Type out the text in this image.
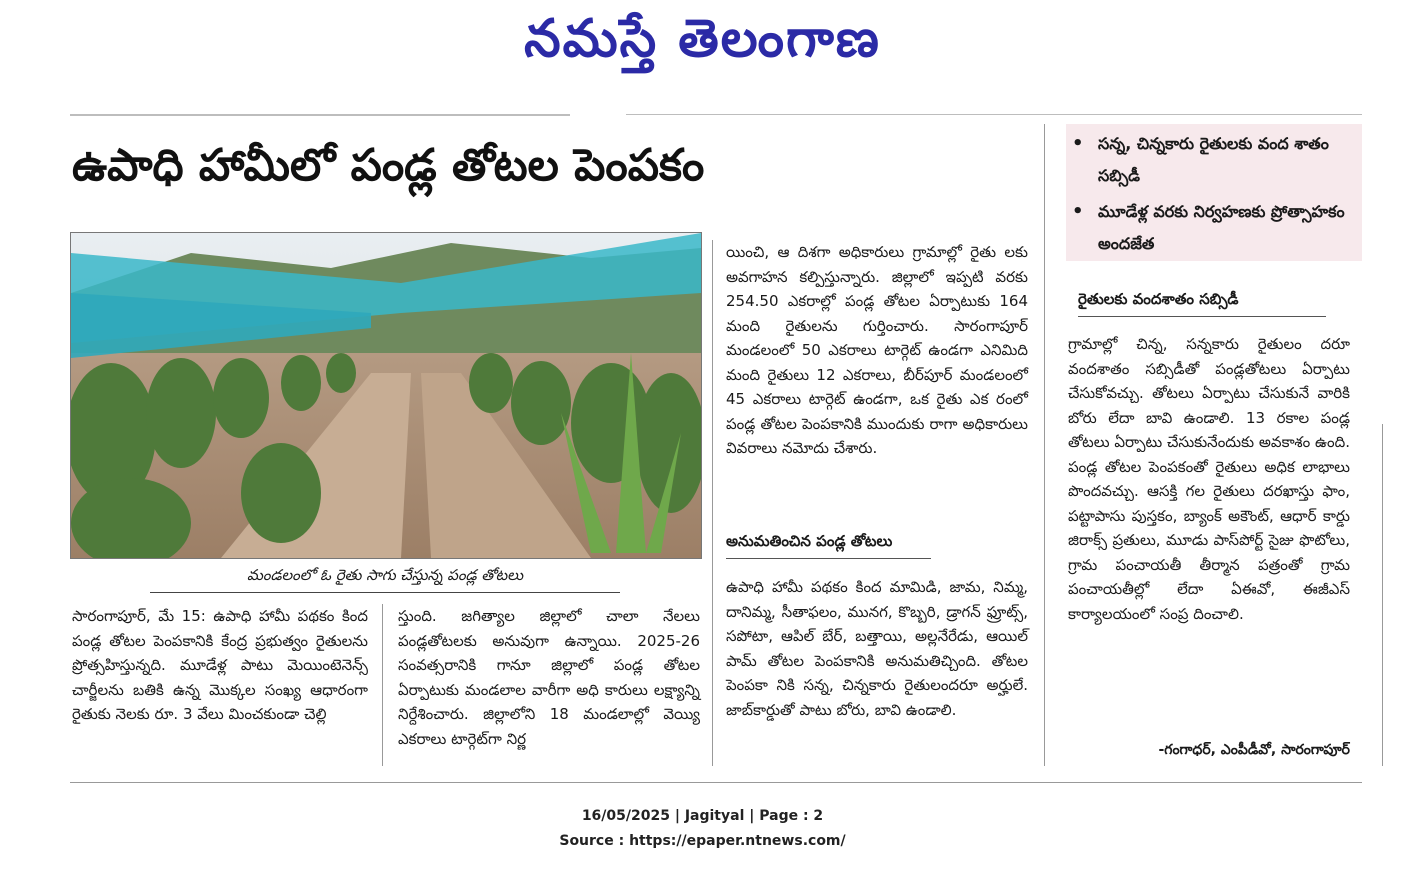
నమస్తే తెలంగాణ
ఉపాధి హామీలో పండ్ల తోటల పెంపకం
మండలంలో ఓ రైతు సాగు చేస్తున్న పండ్ల తోటలు
• సన్న, చిన్నకారు రైతులకు వంద శాతం సబ్సిడీ
• మూడేళ్ల వరకు నిర్వహణకు ప్రోత్సాహకం అందజేత
సారంగాపూర్, మే 15: ఉపాధి హామీ పథకం కింద పండ్ల తోటల పెంపకానికి కేంద్ర ప్రభుత్వం రైతులను ప్రోత్సహిస్తున్నది. మూడేళ్ల పాటు మెయింటెనెన్స్ చార్జీలను బతికి ఉన్న మొక్కల సంఖ్య ఆధారంగా రైతుకు నెలకు రూ. 3 వేలు మించకుండా చెల్లి
స్తుంది. జగిత్యాల జిల్లాలో చాలా నేలలు పండ్లతోటలకు అనువుగా ఉన్నాయి. 2025-26 సంవత్సరానికి గానూ జిల్లాలో పండ్ల తోటల ఏర్పాటుకు మండలాల వారీగా అధి కారులు లక్ష్యాన్ని నిర్దేశించారు. జిల్లాలోని 18 మండలాల్లో వెయ్యి ఎకరాలు టార్గెట్‌గా నిర్ణ
యించి, ఆ దిశగా అధికారులు గ్రామాల్లో రైతు లకు అవగాహన కల్పిస్తున్నారు. జిల్లాలో ఇప్పటి వరకు 254.50 ఎకరాల్లో పండ్ల తోటల ఏర్పాటుకు 164 మంది రైతులను గుర్తించారు. సారంగాపూర్ మండలంలో 50 ఎకరాలు టార్గెట్ ఉండగా ఎనిమిది మంది రైతులు 12 ఎకరాలు, బీర్‌పూర్ మండలంలో 45 ఎకరాలు టార్గెట్ ఉండగా, ఒక రైతు ఎక రంలో పండ్ల తోటల పెంపకానికి ముందుకు రాగా అధికారులు వివరాలు నమోదు చేశారు.
అనుమతించిన పండ్ల తోటలు
ఉపాధి హామీ పథకం కింద మామిడి, జామ, నిమ్మ, దానిమ్మ, సీతాఫలం, మునగ, కొబ్బరి, డ్రాగన్ ఫ్రూట్స్, సపోటా, ఆపిల్ బేర్, బత్తాయి, అల్లనేరేడు, ఆయిల్ పామ్ తోటల పెంపకానికి అనుమతిచ్చింది. తోటల పెంపకా నికి సన్న, చిన్నకారు రైతులందరూ అర్హులే. జాబ్‌కార్డుతో పాటు బోరు, బావి ఉండాలి.
రైతులకు వందశాతం సబ్సిడీ
గ్రామాల్లో చిన్న, సన్నకారు రైతులం దరూ వందశాతం సబ్సిడీతో పండ్లతోటలు ఏర్పాటు చేసుకోవచ్చు. తోటలు ఏర్పాటు చేసుకునే వారికి బోరు లేదా బావి ఉండాలి. 13 రకాల పండ్ల తోటలు ఏర్పాటు చేసుకునేందుకు అవకాశం ఉంది. పండ్ల తోటల పెంపకంతో రైతులు అధిక లాభాలు పొందవచ్చు. ఆసక్తి గల రైతులు దరఖాస్తు ఫాం, పట్టాపాసు పుస్తకం, బ్యాంక్ అకౌంట్, ఆధార్ కార్డు జిరాక్స్ ప్రతులు, మూడు పాస్‌పోర్ట్ సైజు ఫొటోలు, గ్రామ పంచాయతీ తీర్మాన పత్రంతో గ్రామ పంచాయతీల్లో లేదా ఏఈవో, ఈజీఎస్ కార్యాలయంలో సంప్ర దించాలి.
-గంగాధర్, ఎంపీడీవో, సారంగాపూర్
16/05/2025 | Jagityal | Page : 2
Source : https://epaper.ntnews.com/
